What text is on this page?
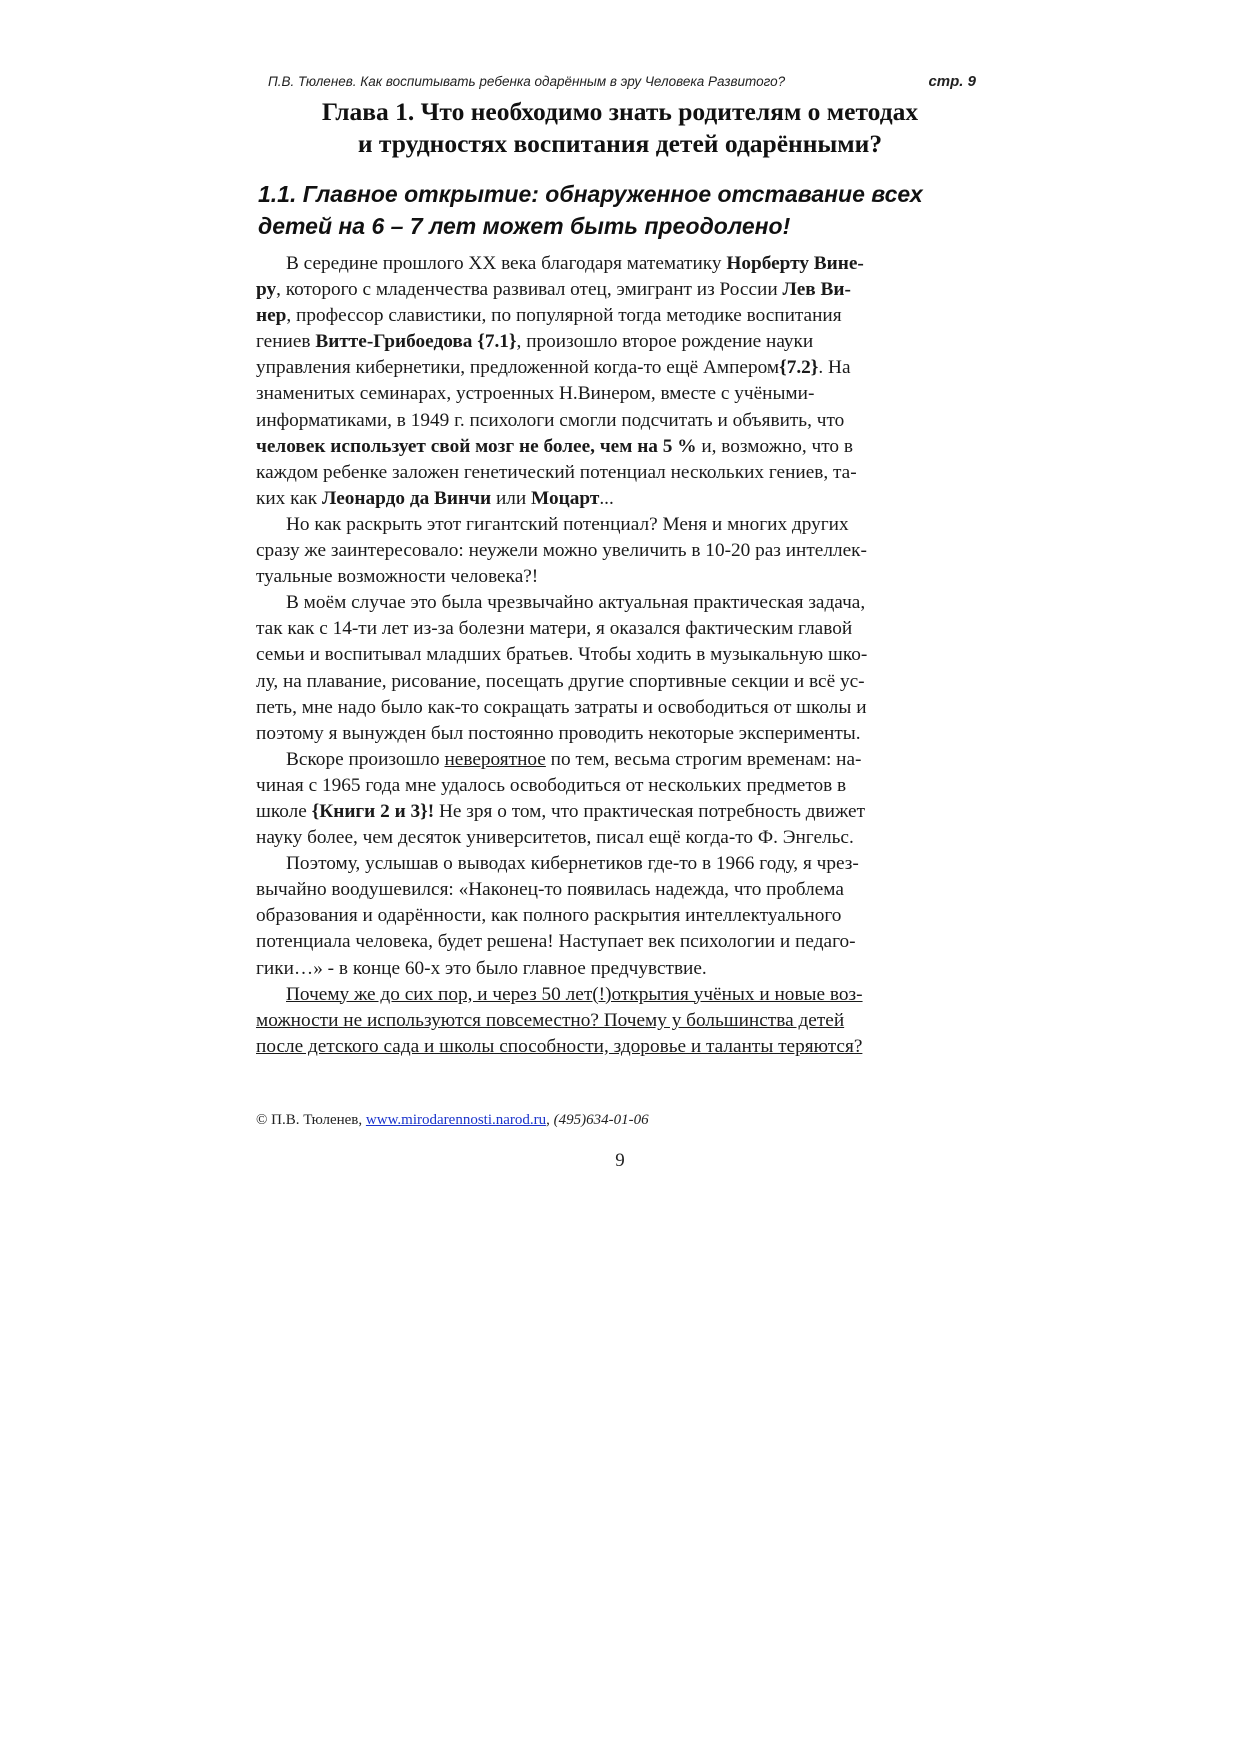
П.В. Тюленев. Как воспитывать ребенка одарённым в эру Человека Развитого?	стр. 9
Глава 1. Что необходимо знать родителям о методах
и трудностях воспитания детей одарёнными?
1.1. Главное открытие: обнаруженное отставание всех
детей на 6 – 7 лет может быть преодолено!
В середине прошлого XX века благодаря математику Норберту Вине-
ру, которого с младенчества развивал отец, эмигрант из России Лев Ви-
нер, профессор славистики, по популярной тогда методике воспитания
гениев Витте-Грибоедова {7.1}, произошло второе рождение науки
управления кибернетики, предложенной когда-то ещё Ампером{7.2}. На
знаменитых семинарах, устроенных Н.Винером, вместе с учёными-
информатиками, в 1949 г. психологи смогли подсчитать и объявить, что
человек использует свой мозг не более, чем на 5 % и, возможно, что в
каждом ребенке заложен генетический потенциал нескольких гениев, та-
ких как Леонардо да Винчи или Моцарт...
Но как раскрыть этот гигантский потенциал? Меня и многих других
сразу же заинтересовало: неужели можно увеличить в 10-20 раз интеллек-
туальные возможности человека?!
В моём случае это была чрезвычайно актуальная практическая задача,
так как с 14-ти лет из-за болезни матери, я оказался фактическим главой
семьи и воспитывал младших братьев. Чтобы ходить в музыкальную шко-
лу, на плавание, рисование, посещать другие спортивные секции и всё ус-
петь, мне надо было как-то сокращать затраты и освободиться от школы и
поэтому я вынужден был постоянно проводить некоторые эксперименты.
Вскоре произошло невероятное по тем, весьма строгим временам: на-
чиная с 1965 года мне удалось освободиться от нескольких предметов в
школе {Книги 2 и 3}! Не зря о том, что практическая потребность движет
науку более, чем десяток университетов, писал ещё когда-то Ф. Энгельс.
Поэтому, услышав о выводах кибернетиков где-то в 1966 году, я чрез-
вычайно воодушевился: «Наконец-то появилась надежда, что проблема
образования и одарённости, как полного раскрытия интеллектуального
потенциала человека, будет решена! Наступает век психологии и педаго-
гики…» - в конце 60-х это было главное предчувствие.
Почему же до сих пор, и через 50 лет(!)открытия учёных и новые воз-
можности не используются повсеместно? Почему у большинства детей
после детского сада и школы способности, здоровье и таланты теряются?
© П.В. Тюленев, www.mirodarennosti.narod.ru, (495)634-01-06
9
